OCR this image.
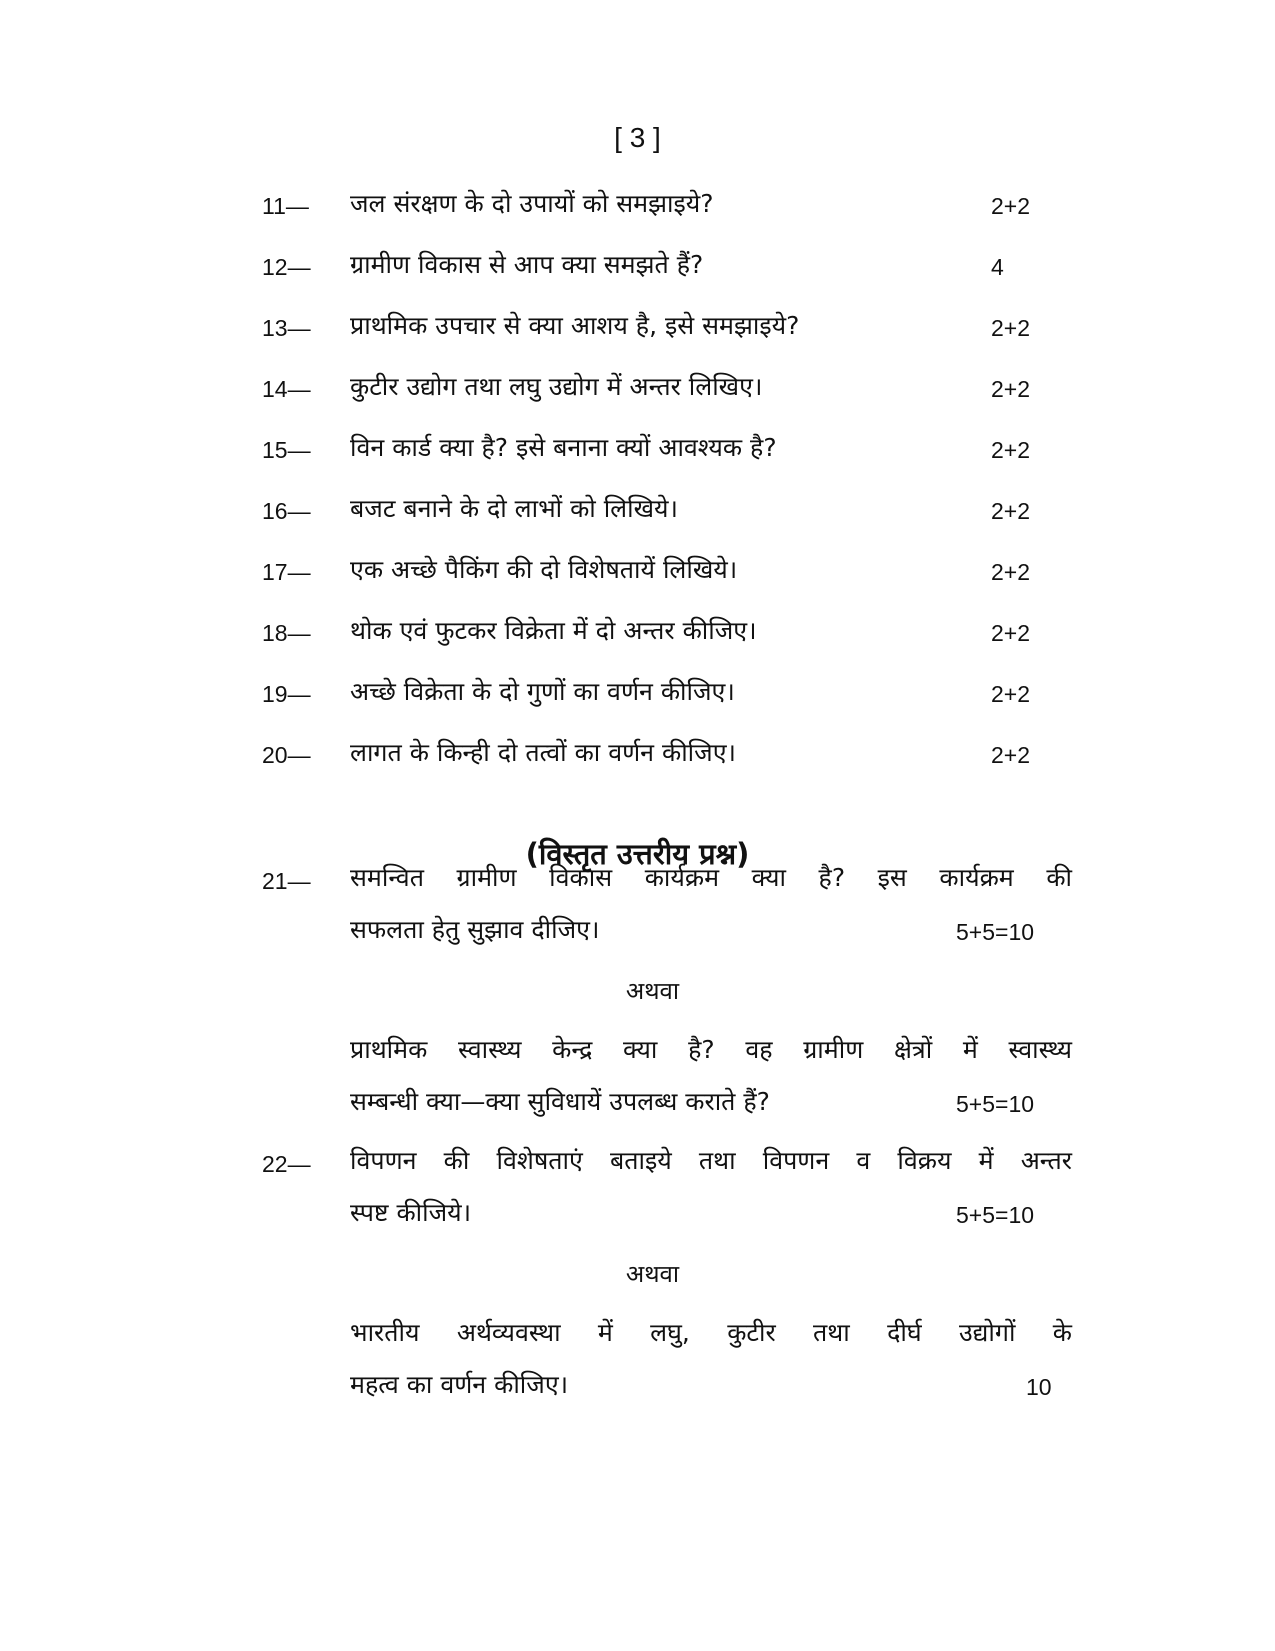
[ 3 ]
11— जल संरक्षण के दो उपायों को समझाइये?	2+2
12— ग्रामीण विकास से आप क्या समझते हैं?	4
13— प्राथमिक उपचार से क्या आशय है, इसे समझाइये?	2+2
14— कुटीर उद्योग तथा लघु उद्योग में अन्तर लिखिए।	2+2
15— विन कार्ड क्या है? इसे बनाना क्यों आवश्यक है?	2+2
16— बजट बनाने के दो लाभों को लिखिये।	2+2
17— एक अच्छे पैकिंग की दो विशेषतायें लिखिये।	2+2
18— थोक एवं फुटकर विक्रेता में दो अन्तर कीजिए।	2+2
19— अच्छे विक्रेता के दो गुणों का वर्णन कीजिए।	2+2
20— लागत के किन्ही दो तत्वों का वर्णन कीजिए।	2+2
(विस्तृत उत्तरीय प्रश्न)
21— समन्वित ग्रामीण विकास कार्यक्रम क्या है? इस कार्यक्रम की
सफलता हेतु सुझाव दीजिए।	5+5=10
अथवा
प्राथमिक स्वास्थ्य केन्द्र क्या है? वह ग्रामीण क्षेत्रों में स्वास्थ्य
सम्बन्धी क्या—क्या सुविधायें उपलब्ध कराते हैं?	5+5=10
22— विपणन की विशेषताएं बताइये तथा विपणन व विक्रय में अन्तर
स्पष्ट कीजिये।	5+5=10
अथवा
भारतीय अर्थव्यवस्था में लघु, कुटीर तथा दीर्घ उद्योगों के
महत्व का वर्णन कीजिए।	10
